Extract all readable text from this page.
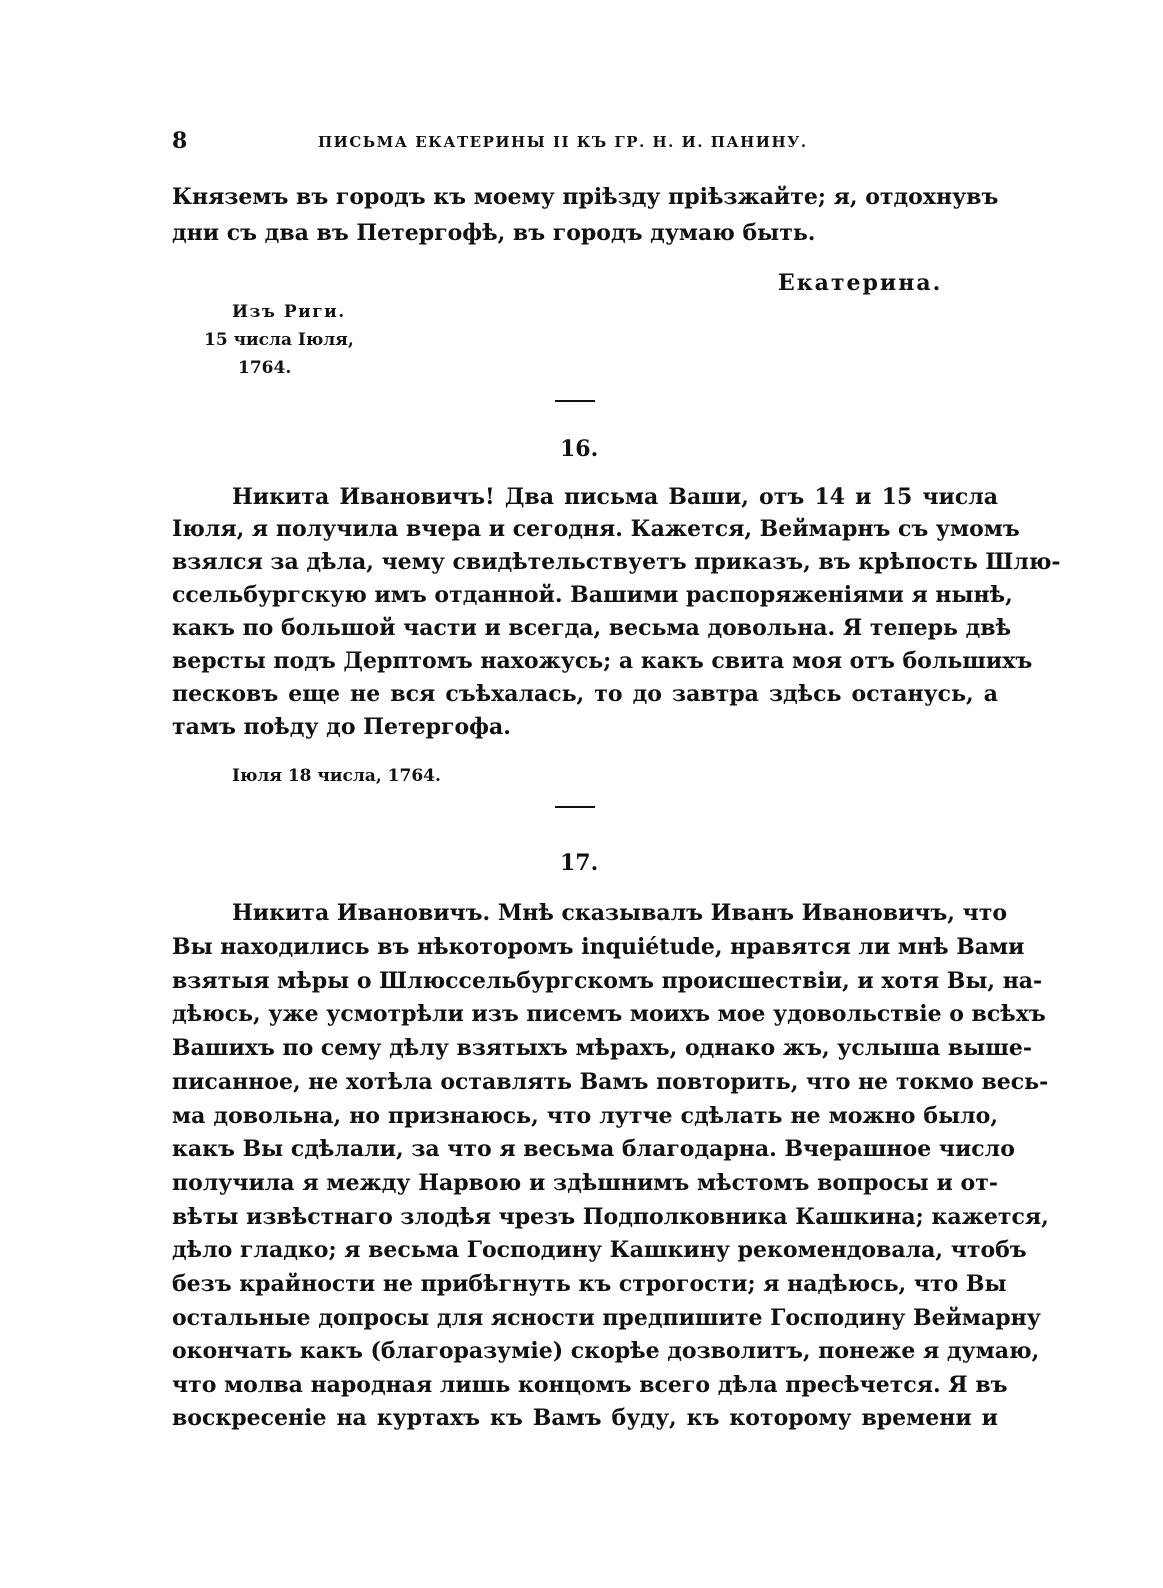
8	ПИСЬМА ЕКАТЕРИНЫ II КЪ ГР. Н. И. ПАНИНУ.
Княземъ въ городъ къ моему пріѣзду пріѣзжайте; я, отдохнувъ
дни съ два въ Петергофѣ, въ городъ думаю быть.
Екатерина.
Изъ Риги.
15 числа Іюля,
1764.
16.
Никита Ивановичъ! Два письма Ваши, отъ 14 и 15 числа
Іюля, я получила вчера и сегодня. Кажется, Веймарнъ съ умомъ
взялся за дѣла, чему свидѣтельствуетъ приказъ, въ крѣпость Шлю-
ссельбургскую имъ отданной. Вашими распоряженіями я нынѣ,
какъ по большой части и всегда, весьма довольна. Я теперь двѣ
версты подъ Дерптомъ нахожусь; а какъ свита моя отъ большихъ
песковъ еще не вся съѣхалась, то до завтра здѣсь останусь, а
тамъ поѣду до Петергофа.
Іюля 18 числа, 1764.
17.
Никита Ивановичъ. Мнѣ сказывалъ Иванъ Ивановичъ, что
Вы находились въ нѣкоторомъ inquiétude, нравятся ли мнѣ Вами
взятыя мѣры о Шлюссельбургскомъ происшествіи, и хотя Вы, на-
дѣюсь, уже усмотрѣли изъ писемъ моихъ мое удовольствіе о всѣхъ
Вашихъ по сему дѣлу взятыхъ мѣрахъ, однако жъ, услыша выше-
писанное, не хотѣла оставлять Вамъ повторить, что не токмо весь-
ма довольна, но признаюсь, что лутче сдѣлать не можно было,
какъ Вы сдѣлали, за что я весьма благодарна. Вчерашное число
получила я между Нарвою и здѣшнимъ мѣстомъ вопросы и от-
вѣты извѣстнаго злодѣя чрезъ Подполковника Кашкина; кажется,
дѣло гладко; я весьма Господину Кашкину рекомендовала, чтобъ
безъ крайности не прибѣгнуть къ строгости; я надѣюсь, что Вы
остальные допросы для ясности предпишите Господину Веймарну
окончать какъ (благоразуміе) скорѣе дозволитъ, понеже я думаю,
что молва народная лишь концомъ всего дѣла пресѣчется. Я въ
воскресеніе на куртахъ къ Вамъ буду, къ которому времени и
